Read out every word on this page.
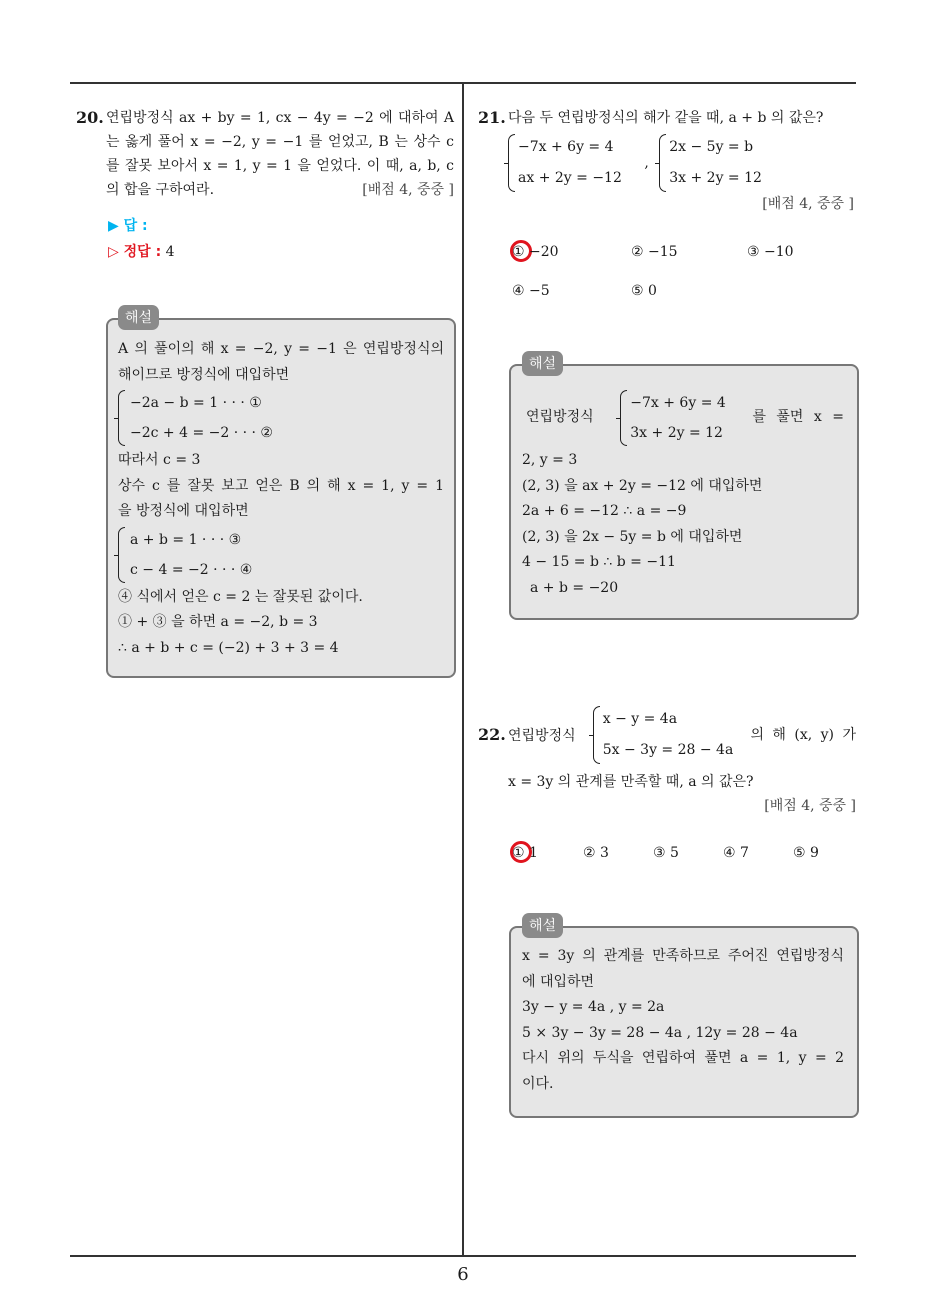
6
20. 연립방정식 ax + by = 1, cx − 4y = −2 에 대하여 A
는 옳게 풀어 x = −2, y = −1 를 얻었고, B 는 상수 c
를 잘못 보아서 x = 1, y = 1 을 얻었다. 이 때, a, b, c
의 합을 구하여라.	[배점 4, 중중 ]
▶ 답 :
▷ 정답 : 4
해설
A 의 풀이의 해 x = −2, y = −1 은 연립방정식의
해이므로 방정식에 대입하면
−2a − b = 1 · · · ①
−2c + 4 = −2 · · · ②
따라서 c = 3
상수 c 를 잘못 보고 얻은 B 의 해 x = 1, y = 1
을 방정식에 대입하면
a + b = 1 · · · ③
c − 4 = −2 · · · ④
④ 식에서 얻은 c = 2 는 잘못된 값이다.
① + ③ 을 하면 a = −2, b = 3
∴ a + b + c = (−2) + 3 + 3 = 4
21. 다음 두 연립방정식의 해가 같을 때, a + b 의 값은?
−7x + 6y = 4
ax + 2y = −12
,
2x − 5y = b
3x + 2y = 12
[배점 4, 중중 ]
① −20	② −15	③ −10
④ −5	⑤ 0
해설
연립방정식
−7x + 6y = 4
3x + 2y = 12
를 풀면 x =
2, y = 3
(2, 3) 을 ax + 2y = −12 에 대입하면
2a + 6 = −12 ∴ a = −9
(2, 3) 을 2x − 5y = b 에 대입하면
4 − 15 = b ∴ b = −11
a + b = −20
22. 연립방정식
x − y = 4a
5x − 3y = 28 − 4a
의 해 (x, y) 가
x = 3y 의 관계를 만족할 때, a 의 값은?
[배점 4, 중중 ]
① 1	② 3	③ 5	④ 7	⑤ 9
해설
x = 3y 의 관계를 만족하므로 주어진 연립방정식
에 대입하면
3y − y = 4a , y = 2a
5 × 3y − 3y = 28 − 4a , 12y = 28 − 4a
다시 위의 두식을 연립하여 풀면 a = 1, y = 2
이다.
